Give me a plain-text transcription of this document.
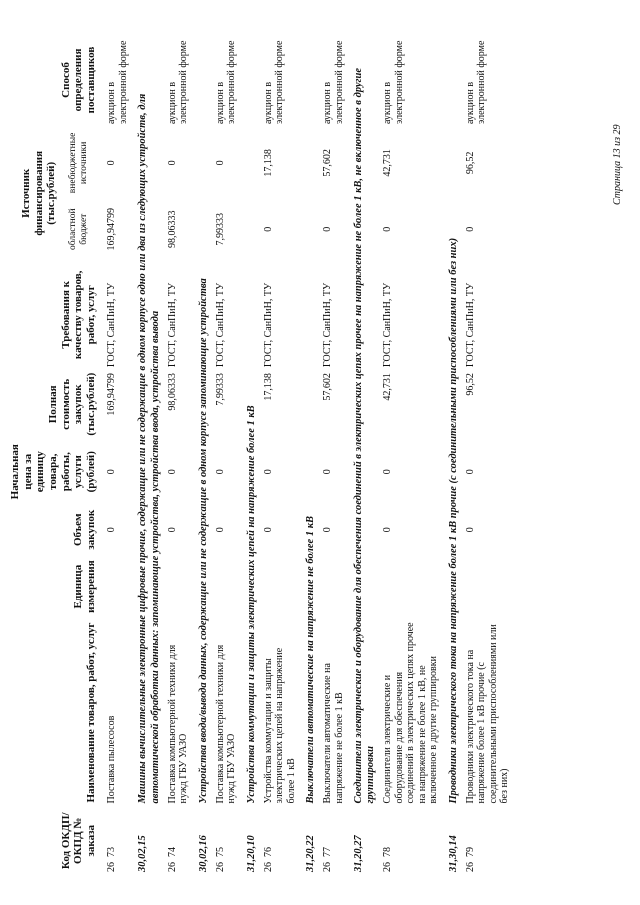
Код ОКДП/ ОКПД № заказа	Наименование товаров, работ, услуг	Единица измерения	Объем закупок	Начальная цена за единицу товара, работы, услуги (рублей)	Полная стоимость закупок (тыс.рублей)	Требования к качеству товаров, работ, услуг	Источник финансирования (тыс.рублей)		Способ определения поставщиков
							областной бюджет	внебюджетные источники	
26  73	Поставка пылесосов		0	0	169,94799	ГОСТ, СанПиН, ТУ	169,94799	0	аукцион в электронной форме
30,02,15	Машины вычислительные электронные цифровые прочие, содержащие или не содержащие в одном корпусе одно или два из следующих устройств, для автоматической обработки данных: запоминающие устройства, устройства ввода, устройства вывода								
26  74	Поставка компьютерной техники для нужд ГБУ УАЗО		0	0	98,06333	ГОСТ, СанПиН, ТУ	98,06333	0	аукцион в электронной форме
30,02,16	Устройства ввода/вывода данных, содержащие или не содержащие в одном корпусе запоминающие устройства								
26  75	Поставка компьютерной техники для нужд ГБУ УАЗО		0	0	7,99333	ГОСТ, СанПиН, ТУ	7,99333	0	аукцион в электронной форме
31,20,10	Устройства коммутации и защиты электрических цепей на напряжение более 1 кВ								
26  76	Устройства коммутации и защиты электрических цепей на напряжение более 1 кВ		0	0	17,138	ГОСТ, СанПиН, ТУ	0	17,138	аукцион в электронной форме
31,20,22	Выключатели автоматические на напряжение не более 1 кВ								
26  77	Выключатели автоматические на напряжение не более 1 кВ		0	0	57,602	ГОСТ, СанПиН, ТУ	0	57,602	аукцион в электронной форме
31,20,27	Соединители электрические и оборудование для обеспечения соединений в электрических цепях прочее на напряжение не более 1 кВ, не включенное в другие группировки								
26  78	Соединители электрические и оборудование для обеспечения соединений в электрических цепях прочее на напряжение не более 1 кВ, не включенное в другие группировки		0	0	42,731	ГОСТ, СанПиН, ТУ	0	42,731	аукцион в электронной форме
31,30,14	Проводники электрического тока на напряжение более 1 кВ прочие (с соединительными приспособлениями или без них)								
26  79	Проводники электрического тока на напряжение более 1 кВ прочие (с соединительными приспособлениями или без них)		0	0	96,52	ГОСТ, СанПиН, ТУ	0	96,52	аукцион в электронной форме
Страница 13 из 29
